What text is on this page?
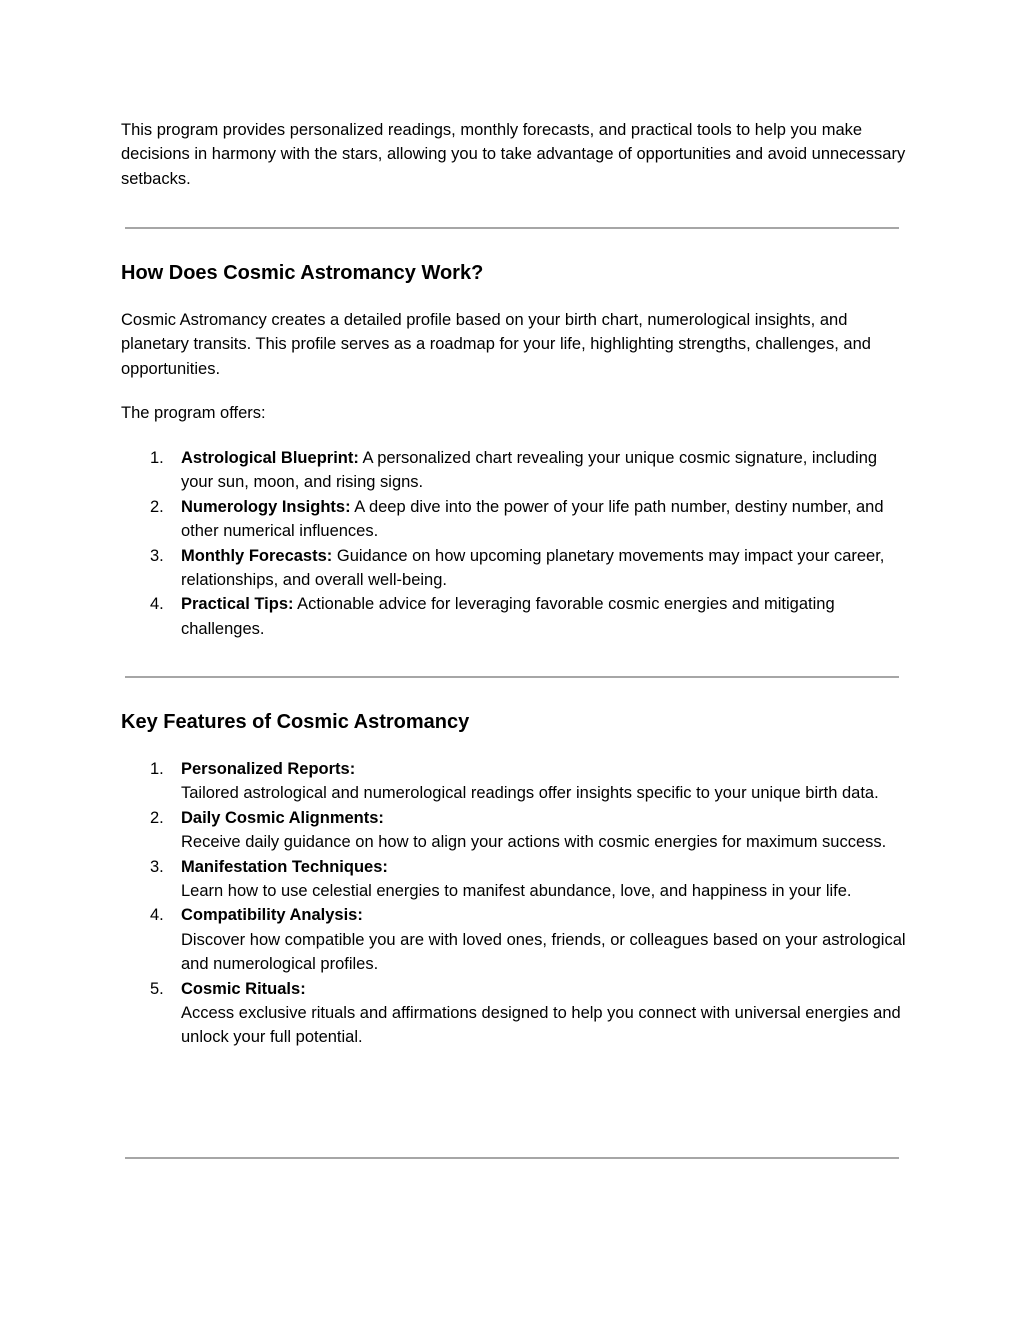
This program provides personalized readings, monthly forecasts, and practical tools to help you make decisions in harmony with the stars, allowing you to take advantage of opportunities and avoid unnecessary setbacks.

How Does Cosmic Astromancy Work?

Cosmic Astromancy creates a detailed profile based on your birth chart, numerological insights, and planetary transits. This profile serves as a roadmap for your life, highlighting strengths, challenges, and opportunities.

The program offers:

1. Astrological Blueprint: A personalized chart revealing your unique cosmic signature, including your sun, moon, and rising signs.
2. Numerology Insights: A deep dive into the power of your life path number, destiny number, and other numerical influences.
3. Monthly Forecasts: Guidance on how upcoming planetary movements may impact your career, relationships, and overall well-being.
4. Practical Tips: Actionable advice for leveraging favorable cosmic energies and mitigating challenges.
Key Features of Cosmic Astromancy
1. Personalized Reports:
Tailored astrological and numerological readings offer insights specific to your unique birth data.
2. Daily Cosmic Alignments:
Receive daily guidance on how to align your actions with cosmic energies for maximum success.
3. Manifestation Techniques:
Learn how to use celestial energies to manifest abundance, love, and happiness in your life.
4. Compatibility Analysis:
Discover how compatible you are with loved ones, friends, or colleagues based on your astrological and numerological profiles.
5. Cosmic Rituals:
Access exclusive rituals and affirmations designed to help you connect with universal energies and unlock your full potential.
